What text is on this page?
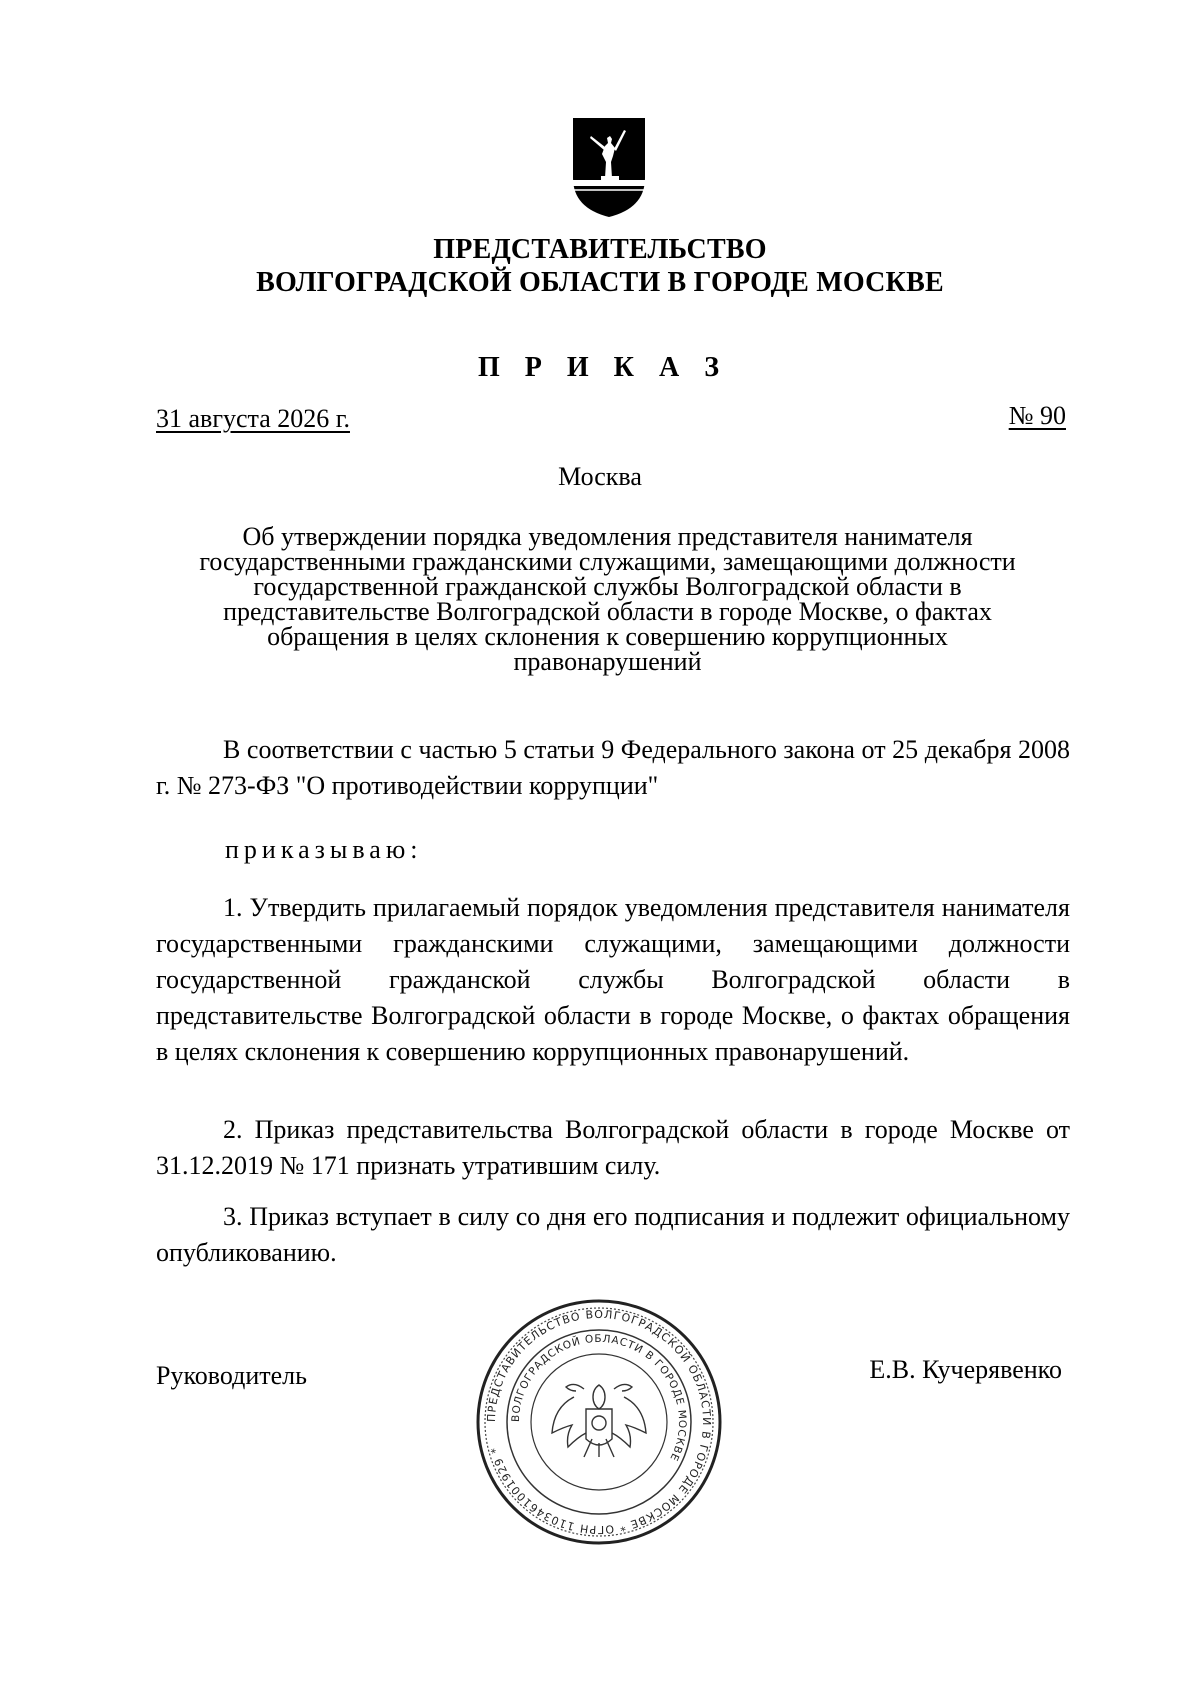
ПРЕДСТАВИТЕЛЬСТВО
ВОЛГОГРАДСКОЙ ОБЛАСТИ В ГОРОДЕ МОСКВЕ
П Р И К А З
31 августа 2026 г.	№ 90
Москва
Об утверждении порядка уведомления представителя нанимателя
государственными гражданскими служащими, замещающими должности
государственной гражданской службы Волгоградской области в
представительстве Волгоградской области в городе Москве, о фактах
обращения в целях склонения к совершению коррупционных
правонарушений
В соответствии с частью 5 статьи 9 Федерального закона от 25 декабря 2008 г. № 273-ФЗ "О противодействии коррупции"
приказываю:
1. Утвердить прилагаемый порядок уведомления представителя нанимателя государственными гражданскими служащими, замещающими должности государственной гражданской службы Волгоградской области в представительстве Волгоградской области в городе Москве, о фактах обращения в целях склонения к совершению коррупционных правонарушений.
2. Приказ представительства Волгоградской области в городе Москве от 31.12.2019 № 171 признать утратившим силу.
3. Приказ вступает в силу со дня его подписания и подлежит официальному опубликованию.
Руководитель	Е.В. Кучерявенко
ПРЕДСТАВИТЕЛЬСТВО ВОЛГОГРАДСКОЙ ОБЛАСТИ В ГОРОДЕ МОСКВЕ * ОГРН 1103461001929 *
ВОЛГОГРАДСКОЙ ОБЛАСТИ В ГОРОДЕ МОСКВЕ
